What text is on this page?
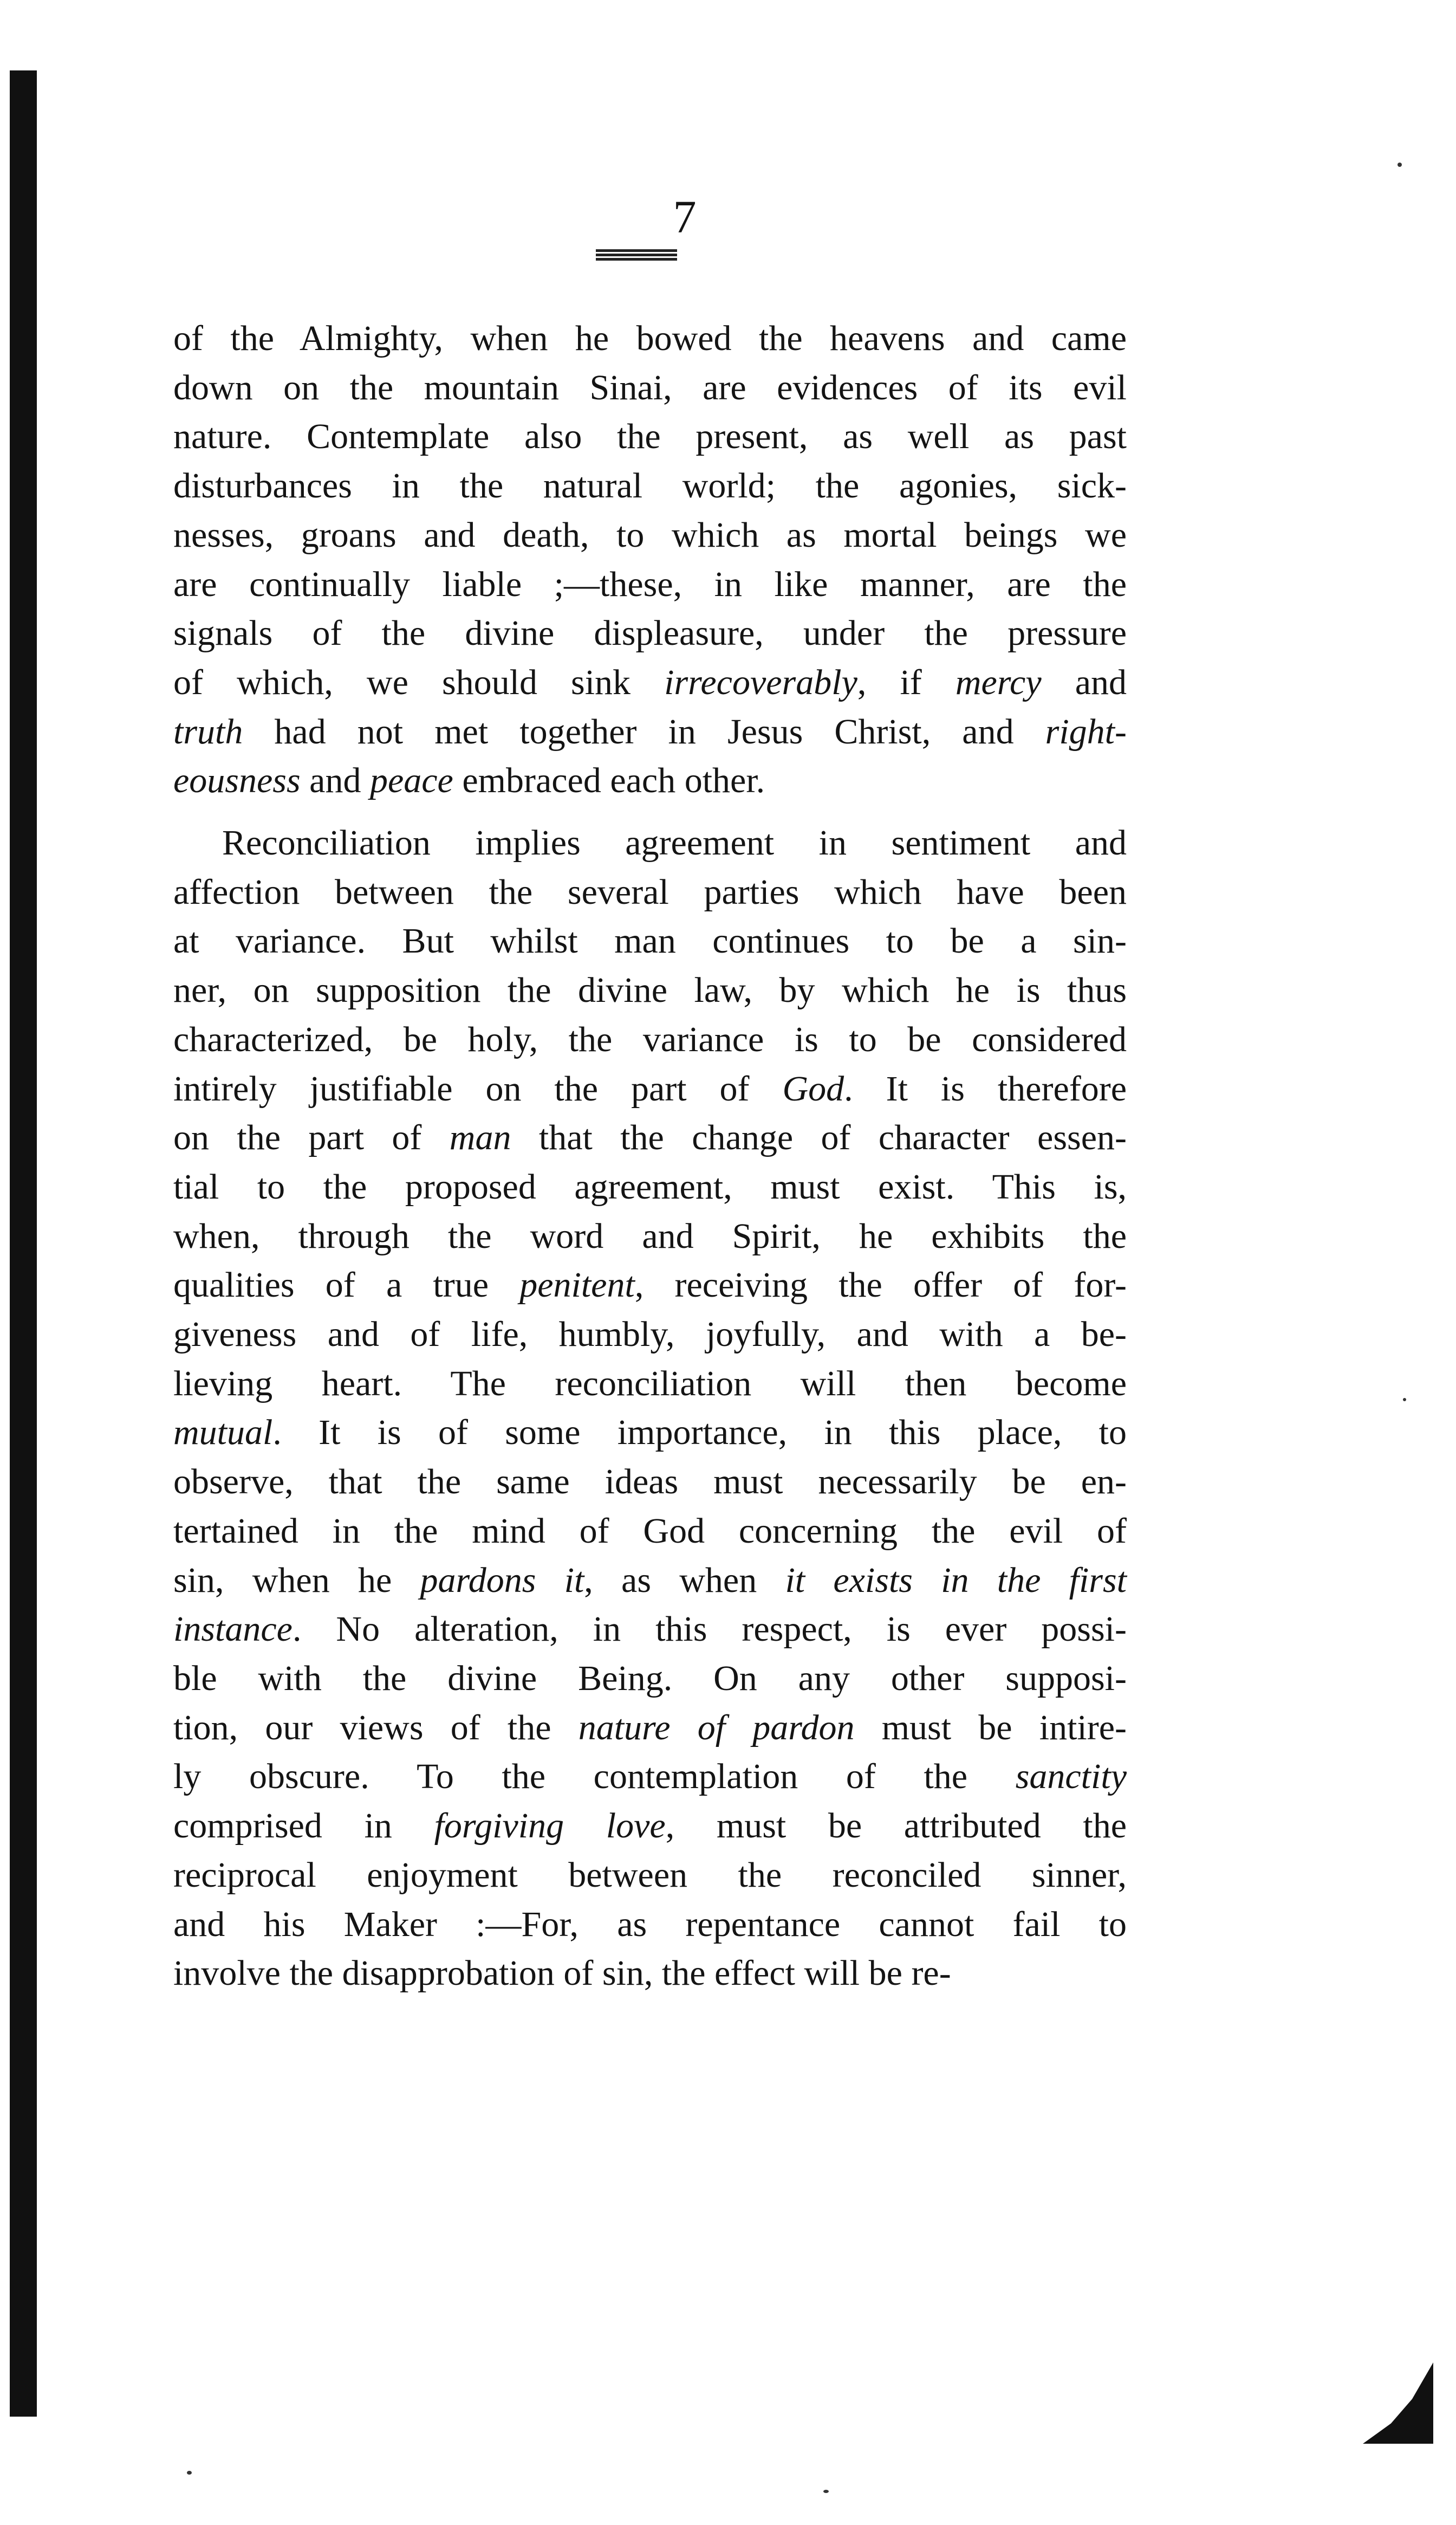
7

of the Almighty, when he bowed the heavens and came

down on the mountain Sinai, are evidences of its evil

nature. Contemplate also the present, as well as past

disturbances in the natural world; the agonies, sick-

nesses, groans and death, to which as mortal beings we

are continually liable ;—these, in like manner, are the

signals of the divine displeasure, under the pressure

of which, we should sink irrecoverably, if mercy and

truth had not met together in Jesus Christ, and right-

eousness and peace embraced each other.

Reconciliation implies agreement in sentiment and

affection between the several parties which have been

at variance. But whilst man continues to be a sin-

ner, on supposition the divine law, by which he is thus

characterized, be holy, the variance is to be considered

intirely justifiable on the part of God. It is therefore

on the part of man that the change of character essen-

tial to the proposed agreement, must exist. This is,

when, through the word and Spirit, he exhibits the

qualities of a true penitent, receiving the offer of for-

giveness and of life, humbly, joyfully, and with a be-

lieving heart. The reconciliation will then become

mutual. It is of some importance, in this place, to

observe, that the same ideas must necessarily be en-

tertained in the mind of God concerning the evil of

sin, when he pardons it, as when it exists in the first

instance. No alteration, in this respect, is ever possi-

ble with the divine Being. On any other supposi-

tion, our views of the nature of pardon must be intire-

ly obscure. To the contemplation of the sanctity

comprised in forgiving love, must be attributed the

reciprocal enjoyment between the reconciled sinner,

and his Maker :—For, as repentance cannot fail to

involve the disapprobation of sin, the effect will be re-
